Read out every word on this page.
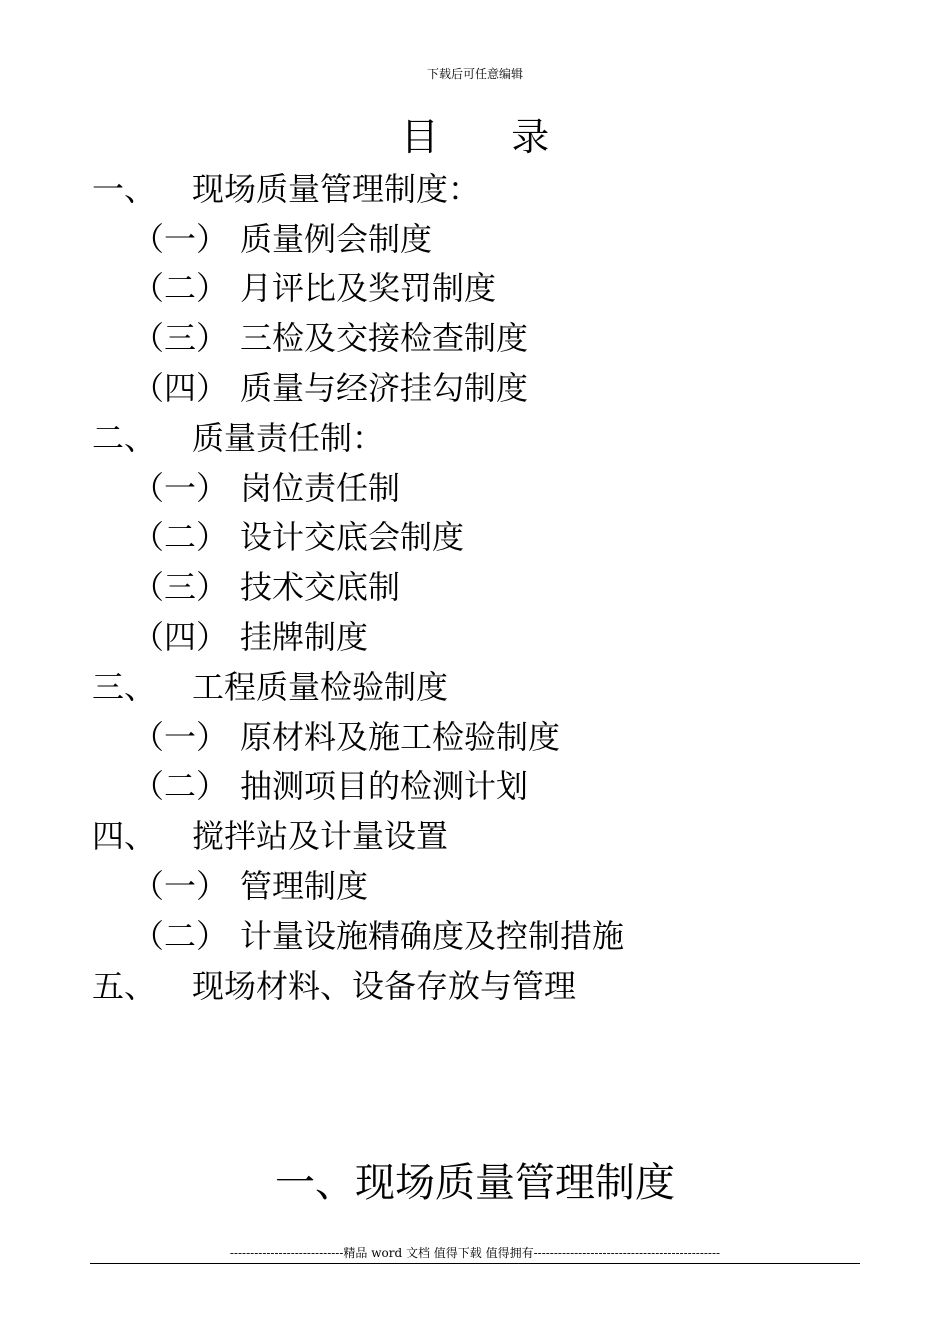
下载后可任意编辑
目      录
一、	现场质量管理制度：
（一） 质量例会制度
（二） 月评比及奖罚制度
（三） 三检及交接检查制度
（四） 质量与经济挂勾制度
二、	质量责任制：
（一） 岗位责任制
（二） 设计交底会制度
（三） 技术交底制
（四） 挂牌制度
三、	工程质量检验制度
（一） 原材料及施工检验制度
（二） 抽测项目的检测计划
四、	搅拌站及计量设置
（一） 管理制度
（二） 计量设施精确度及控制措施
五、	现场材料、设备存放与管理
一、现场质量管理制度
----------------------------精品 word 文档 值得下载 值得拥有----------------------------------------------
